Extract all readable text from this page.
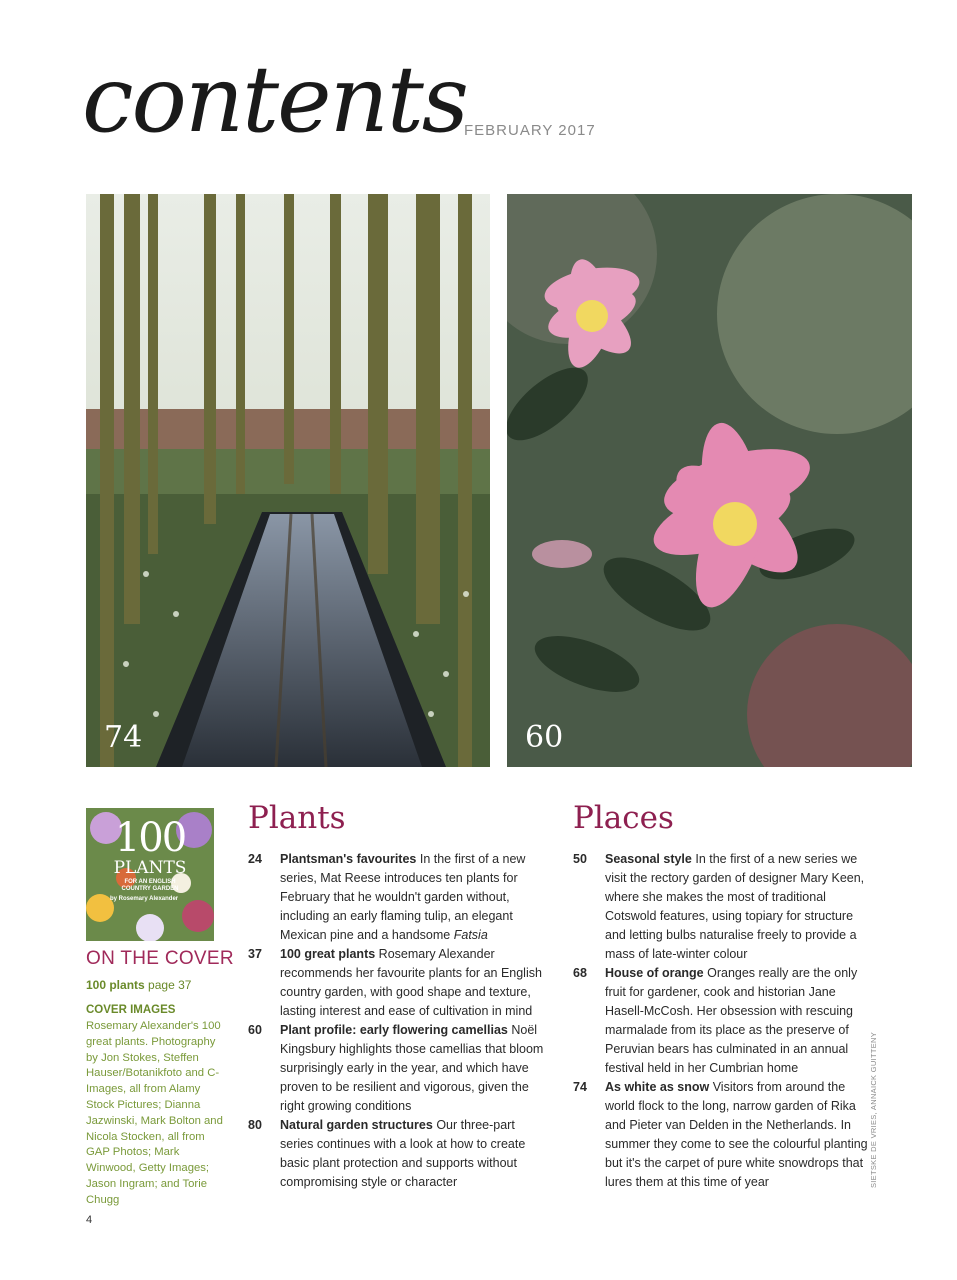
contents
FEBRUARY 2017
74	60
100
PLANTS
FOR AN ENGLISH
COUNTRY GARDEN
by Rosemary Alexander
ON THE COVER
100 plants page 37
COVER IMAGES
Rosemary Alexander's 100 great plants. Photography by Jon Stokes, Steffen Hauser/Botanikfoto and C-Images, all from Alamy Stock Pictures; Dianna Jazwinski, Mark Bolton and Nicola Stocken, all from GAP Photos; Mark Winwood, Getty Images; Jason Ingram; and Torie Chugg
Plants
24 Plantsman's favourites In the first of a new series, Mat Reese introduces ten plants for February that he wouldn't garden without, including an early flaming tulip, an elegant Mexican pine and a handsome Fatsia
37 100 great plants Rosemary Alexander recommends her favourite plants for an English country garden, with good shape and texture, lasting interest and ease of cultivation in mind
60 Plant profile: early flowering camellias Noël Kingsbury highlights those camellias that bloom surprisingly early in the year, and which have proven to be resilient and vigorous, given the right growing conditions
80 Natural garden structures Our three-part series continues with a look at how to create basic plant protection and supports without compromising style or character
Places
50 Seasonal style In the first of a new series we visit the rectory garden of designer Mary Keen, where she makes the most of traditional Cotswold features, using topiary for structure and letting bulbs naturalise freely to provide a mass of late-winter colour
68 House of orange Oranges really are the only fruit for gardener, cook and historian Jane Hasell-McCosh. Her obsession with rescuing marmalade from its place as the preserve of Peruvian bears has culminated in an annual festival held in her Cumbrian home
74 As white as snow Visitors from around the world flock to the long, narrow garden of Rika and Pieter van Delden in the Netherlands. In summer they come to see the colourful planting but it's the carpet of pure white snowdrops that lures them at this time of year	SIETSKE DE VRIES, ANNAICK GUITTENY
4
